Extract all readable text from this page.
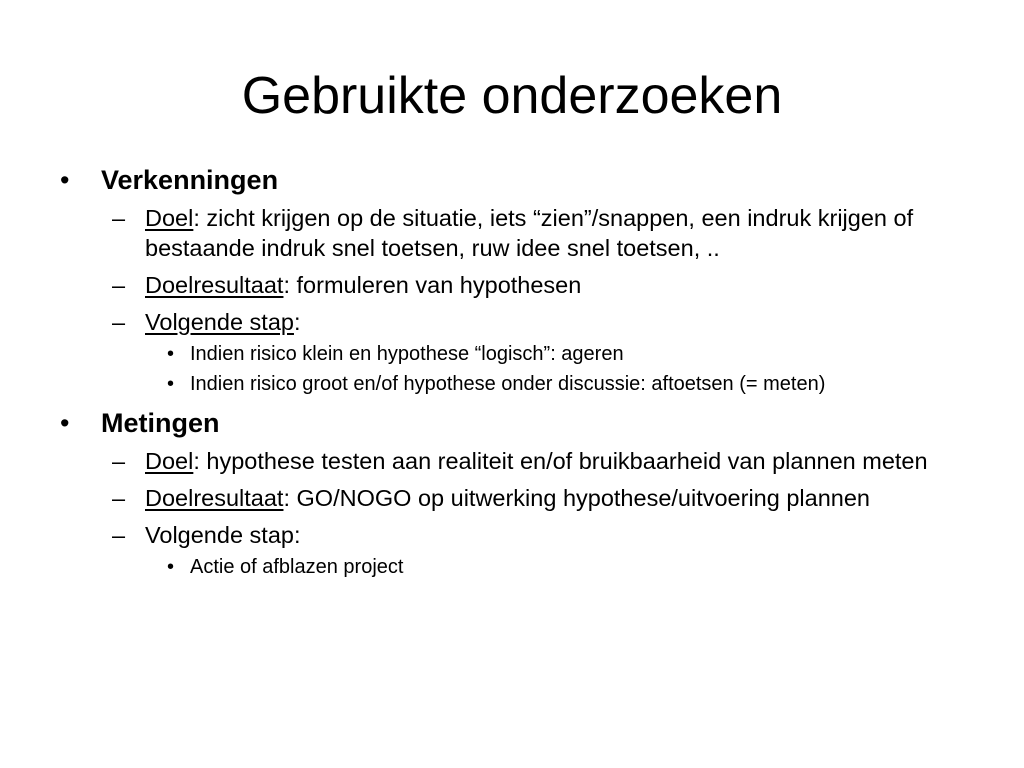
Gebruikte onderzoeken
• Verkenningen
– Doel: zicht krijgen op de situatie, iets “zien”/snappen, een indruk krijgen of bestaande indruk snel toetsen, ruw idee snel toetsen, ..
– Doelresultaat: formuleren van hypothesen
– Volgende stap:
• Indien risico klein en hypothese “logisch”: ageren
• Indien risico groot en/of hypothese onder discussie: aftoetsen (= meten)
• Metingen
– Doel: hypothese testen aan realiteit en/of bruikbaarheid van plannen meten
– Doelresultaat: GO/NOGO op uitwerking hypothese/uitvoering plannen
– Volgende stap:
• Actie of afblazen project
